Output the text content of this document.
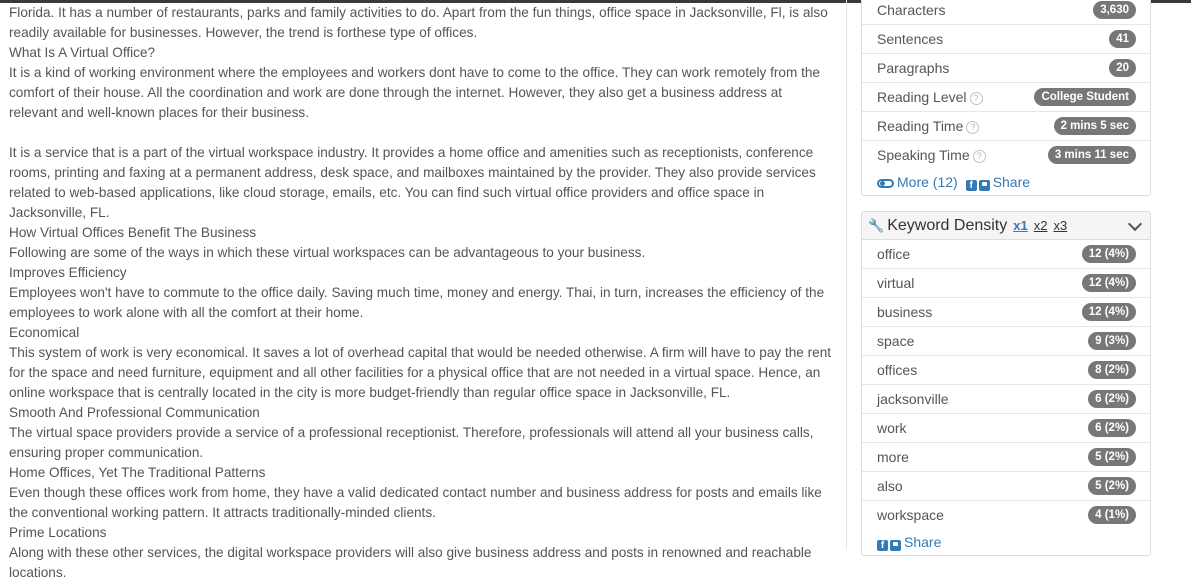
Florida. It has a number of restaurants, parks and family activities to do. Apart from the fun things, office space in Jacksonville, Fl, is also readily available for businesses. However, the trend is forthese type of offices.

What Is A Virtual Office?

It is a kind of working environment where the employees and workers dont have to come to the office. They can work remotely from the comfort of their house. All the coordination and work are done through the internet. However, they also get a business address at relevant and well-known places for their business.

It is a service that is a part of the virtual workspace industry. It provides a home office and amenities such as receptionists, conference rooms, printing and faxing at a permanent address, desk space, and mailboxes maintained by the provider. They also provide services related to web-based applications, like cloud storage, emails, etc. You can find such virtual office providers and office space in Jacksonville, FL.

How Virtual Offices Benefit The Business

Following are some of the ways in which these virtual workspaces can be advantageous to your business.

Improves Efficiency

Employees won't have to commute to the office daily. Saving much time, money and energy. Thai, in turn, increases the efficiency of the employees to work alone with all the comfort at their home.

Economical

This system of work is very economical. It saves a lot of overhead capital that would be needed otherwise. A firm will have to pay the rent for the space and need furniture, equipment and all other facilities for a physical office that are not needed in a virtual space. Hence, an online workspace that is centrally located in the city is more budget-friendly than regular office space in Jacksonville, FL.

Smooth And Professional Communication

The virtual space providers provide a service of a professional receptionist. Therefore, professionals will attend all your business calls, ensuring proper communication.

Home Offices, Yet The Traditional Patterns

Even though these offices work from home, they have a valid dedicated contact number and business address for posts and emails like the conventional working pattern. It attracts traditionally-minded clients.

Prime Locations

Along with these other services, the digital workspace providers will also give business address and posts in renowned and reachable locations.

Characters	3,630
Sentences	41
Paragraphs	20
Reading Level ?	College Student
Reading Time ?	2 mins 5 sec
Speaking Time ?	3 mins 11 sec
More (12)	f Share
🔧 Keyword Density x1 x2 x3
office	12 (4%)
virtual	12 (4%)
business	12 (4%)
space	9 (3%)
offices	8 (2%)
jacksonville	6 (2%)
work	6 (2%)
more	5 (2%)
also	5 (2%)
workspace	4 (1%)
f Share
